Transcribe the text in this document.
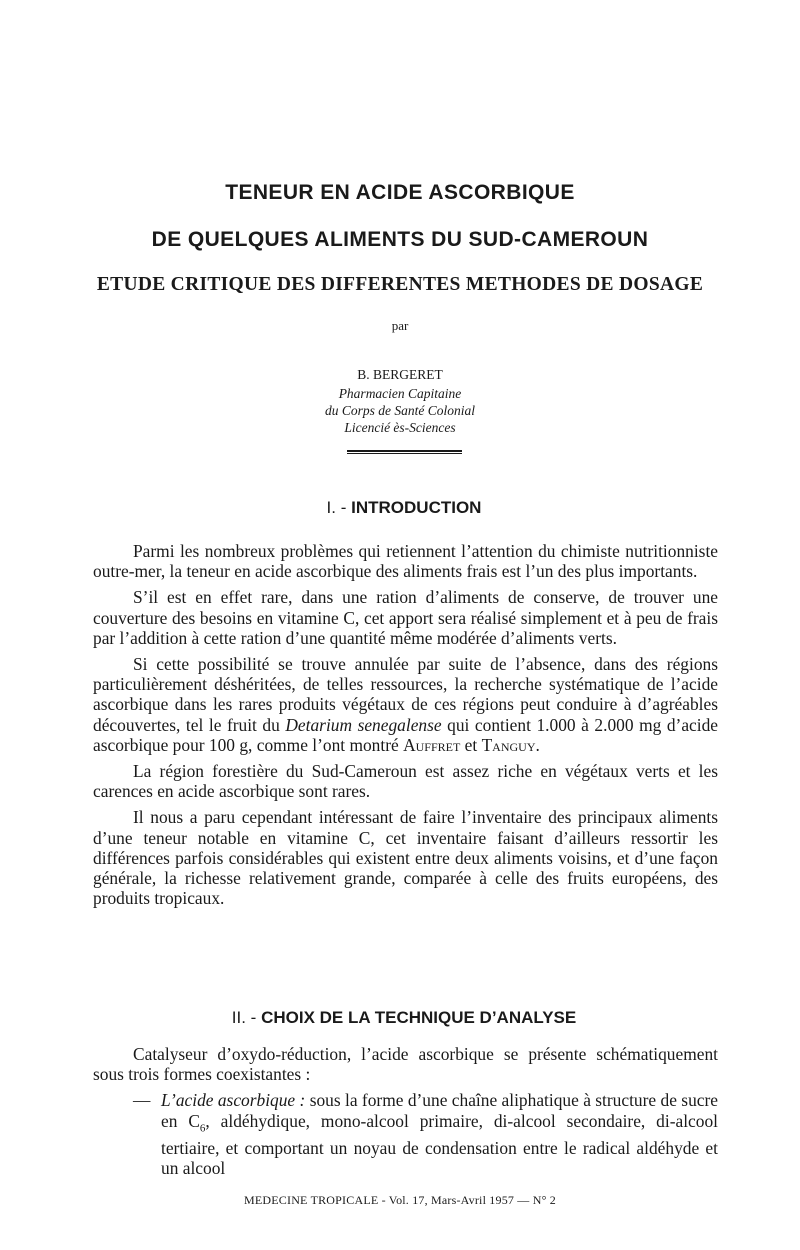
TENEUR EN ACIDE ASCORBIQUE
DE QUELQUES ALIMENTS DU SUD-CAMEROUN
ETUDE CRITIQUE DES DIFFERENTES METHODES DE DOSAGE
par
B. BERGERET
Pharmacien Capitaine
du Corps de Santé Colonial
Licencié ès-Sciences
I. - INTRODUCTION

Parmi les nombreux problèmes qui retiennent l’attention du chimiste nutritionniste outre-mer, la teneur en acide ascorbique des aliments frais est l’un des plus importants.

S’il est en effet rare, dans une ration d’aliments de conserve, de trouver une couverture des besoins en vitamine C, cet apport sera réalisé simplement et à peu de frais par l’addition à cette ration d’une quantité même modérée d’aliments verts.

Si cette possibilité se trouve annulée par suite de l’absence, dans des régions particulièrement déshéritées, de telles ressources, la recherche systématique de l’acide ascorbique dans les rares produits végétaux de ces régions peut conduire à d’agréables découvertes, tel le fruit du Detarium senegalense qui contient 1.000 à 2.000 mg d’acide ascorbique pour 100 g, comme l’ont montré Auffret et Tanguy.

La région forestière du Sud-Cameroun est assez riche en végétaux verts et les carences en acide ascorbique sont rares.

Il nous a paru cependant intéressant de faire l’inventaire des principaux aliments d’une teneur notable en vitamine C, cet inventaire faisant d’ailleurs ressortir les différences parfois considérables qui existent entre deux aliments voisins, et d’une façon générale, la richesse relativement grande, comparée à celle des fruits européens, des produits tropicaux.

II. - CHOIX DE LA TECHNIQUE D’ANALYSE

Catalyseur d’oxydo-réduction, l’acide ascorbique se présente schématiquement sous trois formes coexistantes :

— L’acide ascorbique : sous la forme d’une chaîne aliphatique à structure de sucre en $C_6$, aldéhydique, mono-alcool primaire, di-alcool secondaire, di-alcool tertiaire, et comportant un noyau de condensation entre le radical aldéhyde et un alcool

MEDECINE TROPICALE - Vol. 17, Mars-Avril 1957 — N° 2
